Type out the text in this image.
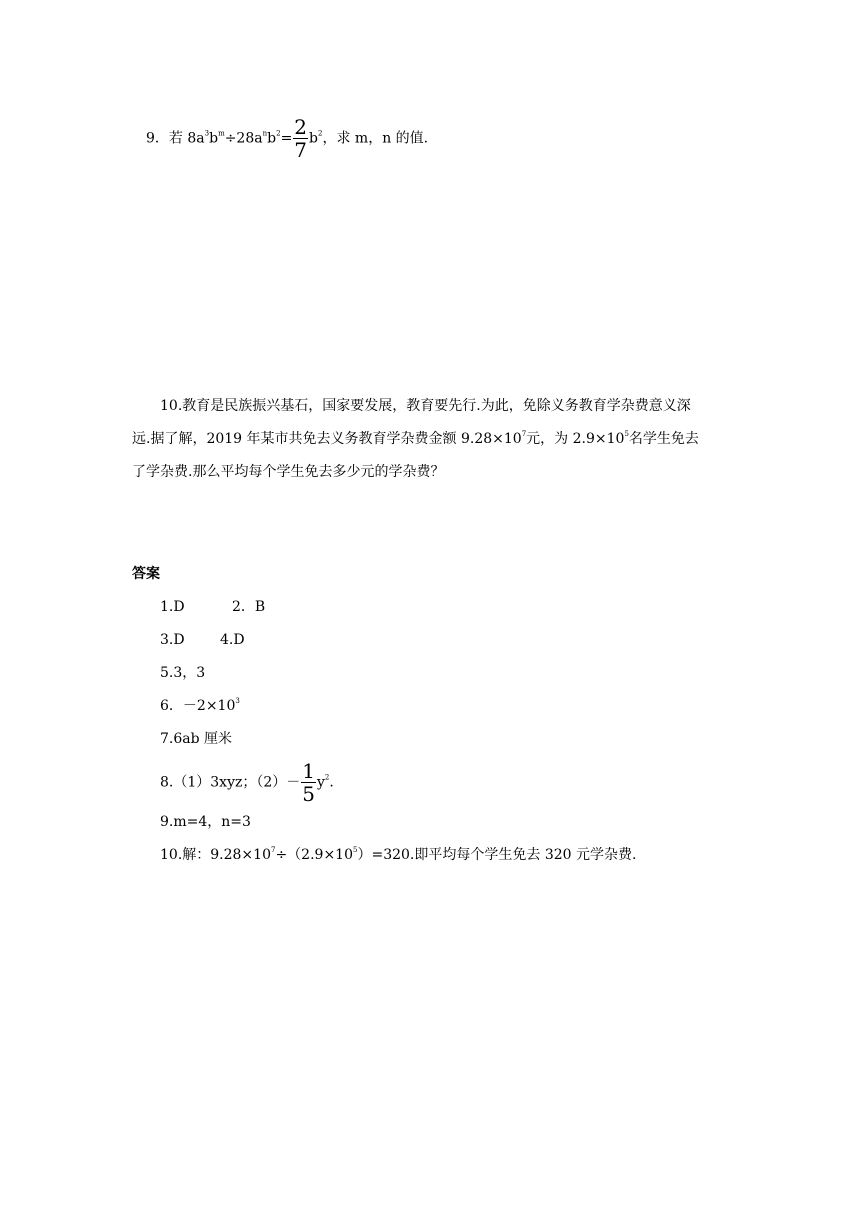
9．若 $8a^3b^m\div 28a^nb^2= \frac{2}{7} b^2$，求 m，n 的值.
10.教育是民族振兴基石，国家要发展，教育要先行.为此，免除义务教育学杂费意义深
远.据了解，2019 年某市共免去义务教育学杂费金额 $9.28\times 10^7$元，为 $2.9\times 10^5$名学生免去
了学杂费.那么平均每个学生免去多少元的学杂费？
答案
1.D	2．B
3.D	4.D
5.3，3
6．$-2\times 10^3$
7.6ab 厘米
8.（1）3xyz；$(2)- \frac{1}{5} y^2$.
9.m=4，n=3
10.解：$9.28\times 10^7\div(2.9\times 10^5)=320$.即平均每个学生免去 320 元学杂费.
